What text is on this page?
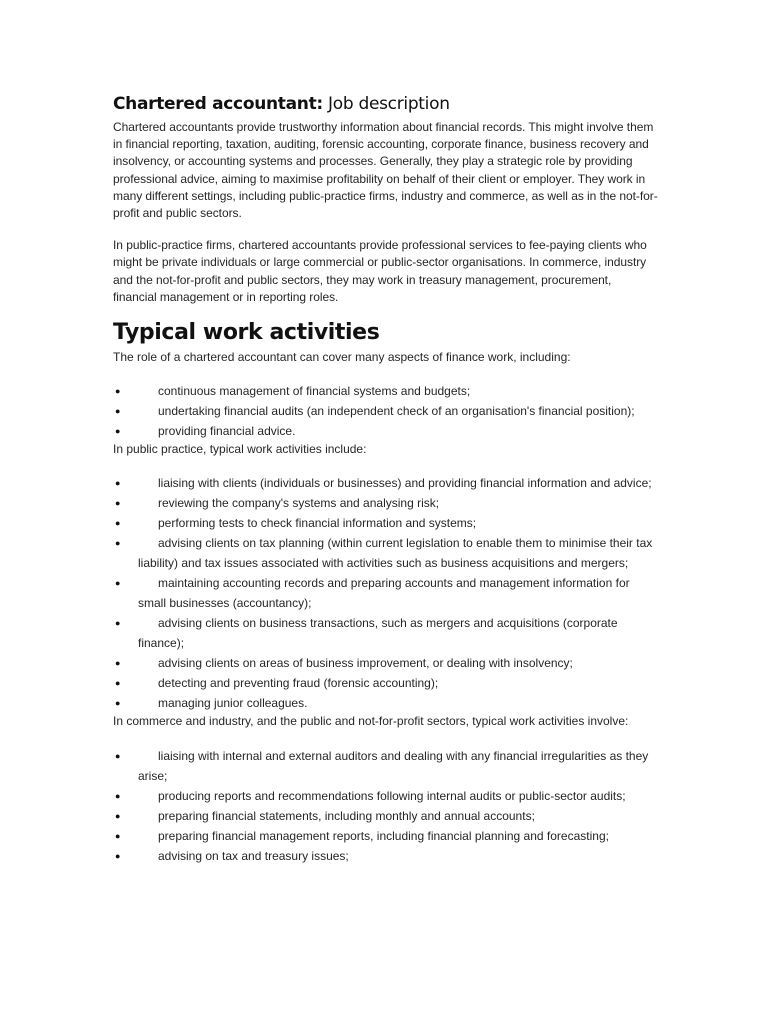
Chartered accountant: Job description

Chartered accountants provide trustworthy information about financial records. This might involve them in financial reporting, taxation, auditing, forensic accounting, corporate finance, business recovery and insolvency, or accounting systems and processes. Generally, they play a strategic role by providing professional advice, aiming to maximise profitability on behalf of their client or employer. They work in many different settings, including public-practice firms, industry and commerce, as well as in the not-for-profit and public sectors.

In public-practice firms, chartered accountants provide professional services to fee-paying clients who might be private individuals or large commercial or public-sector organisations. In commerce, industry and the not-for-profit and public sectors, they may work in treasury management, procurement, financial management or in reporting roles.

Typical work activities

The role of a chartered accountant can cover many aspects of finance work, including:

●	continuous management of financial systems and budgets;
●	undertaking financial audits (an independent check of an organisation's financial position);
●	providing financial advice.

In public practice, typical work activities include:

●	liaising with clients (individuals or businesses) and providing financial information and advice;
●	reviewing the company's systems and analysing risk;
●	performing tests to check financial information and systems;
●	advising clients on tax planning (within current legislation to enable them to minimise their tax liability) and tax issues associated with activities such as business acquisitions and mergers;
●	maintaining accounting records and preparing accounts and management information for small businesses (accountancy);
●	advising clients on business transactions, such as mergers and acquisitions (corporate finance);
●	advising clients on areas of business improvement, or dealing with insolvency;
●	detecting and preventing fraud (forensic accounting);
●	managing junior colleagues.

In commerce and industry, and the public and not-for-profit sectors, typical work activities involve:

●	liaising with internal and external auditors and dealing with any financial irregularities as they arise;
●	producing reports and recommendations following internal audits or public-sector audits;
●	preparing financial statements, including monthly and annual accounts;
●	preparing financial management reports, including financial planning and forecasting;
●	advising on tax and treasury issues;
